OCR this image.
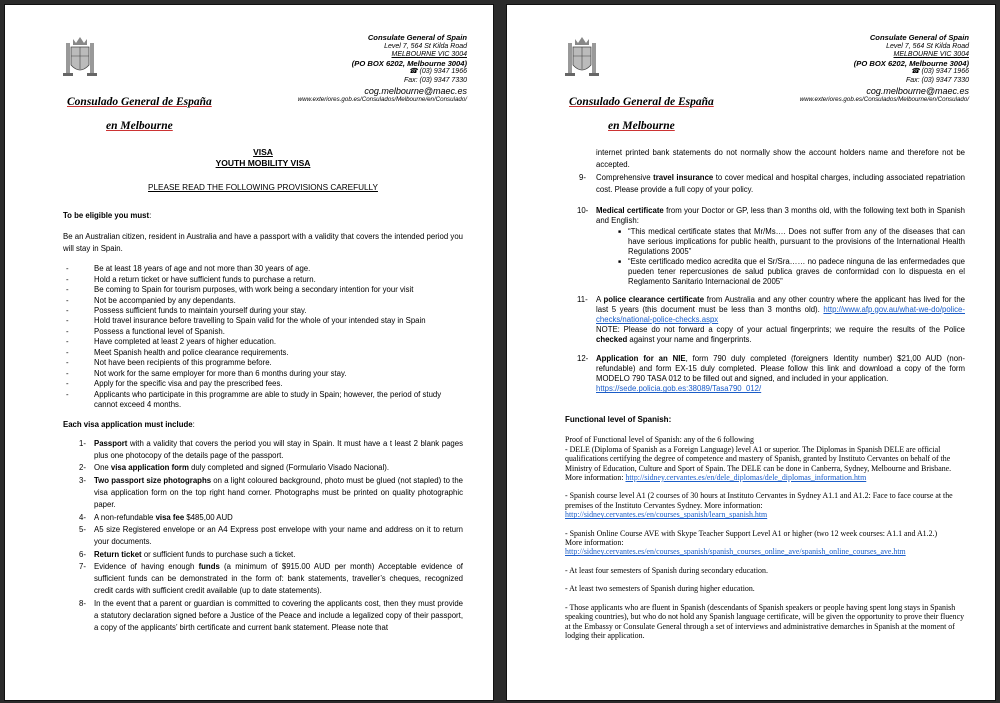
Consulado General de España
en Melbourne
Consulate General of Spain
Level 7, 564 St Kilda Road
MELBOURNE VIC 3004
(PO BOX 6202, Melbourne 3004)
☎ (03) 9347 1966
Fax: (03) 9347 7330
cog.melbourne@maec.es
www.exteriores.gob.es/Consulados/Melbourne/en/Consulado/
VISA
YOUTH MOBILITY VISA
PLEASE READ THE FOLLOWING PROVISIONS CAREFULLY
To be eligible you must:
Be an Australian citizen, resident in Australia and have a passport with a validity that covers the intended period you will stay in Spain.
- Be at least 18 years of age and not more than 30 years of age.
- Hold a return ticket or have sufficient funds to purchase a return.
- Be coming to Spain for tourism purposes, with work being a secondary intention for your visit
- Not be accompanied by any dependants.
- Possess sufficient funds to maintain yourself during your stay.
- Hold travel insurance before travelling to Spain valid for the whole of your intended stay in Spain
- Possess a functional level of Spanish.
- Have completed at least 2 years of higher education.
- Meet Spanish health and police clearance requirements.
- Not have been recipients of this programme before.
- Not work for the same employer for more than 6 months during your stay.
- Apply for the specific visa and pay the prescribed fees.
- Applicants who participate in this programme are able to study in Spain; however, the period of study cannot exceed 4 months.
Each visa application must include:
1- Passport with a validity that covers the period you will stay in Spain. It must have a t least 2 blank pages plus one photocopy of the details page of the passport.
2- One visa application form duly completed and signed (Formulario Visado Nacional).
3- Two passport size photographs on a light coloured background, photo must be glued (not stapled) to the visa application form on the top right hand corner. Photographs must be printed on quality photographic paper.
4- A non-refundable visa fee $485,00 AUD
5- A5 size Registered envelope or an A4 Express post envelope with your name and address on it to return your documents.
6- Return ticket or sufficient funds to purchase such a ticket.
7- Evidence of having enough funds (a minimum of $915.00 AUD per month) Acceptable evidence of sufficient funds can be demonstrated in the form of: bank statements, traveller’s cheques, recognized credit cards with sufficient credit available (up to date statements).
8- In the event that a parent or guardian is committed to covering the applicants cost, then they must provide a statutory declaration signed before a Justice of the Peace and include a legalized copy of their passport, a copy of the applicants’ birth certificate and current bank statement. Please note that
Consulado General de España
en Melbourne
Consulate General of Spain
Level 7, 564 St Kilda Road
MELBOURNE VIC 3004
(PO BOX 6202, Melbourne 3004)
☎ (03) 9347 1966
Fax: (03) 9347 7330
cog.melbourne@maec.es
www.exteriores.gob.es/Consulados/Melbourne/en/Consulado/
internet printed bank statements do not normally show the account holders name and therefore not be accepted.
9- Comprehensive travel insurance to cover medical and hospital charges, including associated repatriation cost. Please provide a full copy of your policy.
10- Medical certificate from your Doctor or GP, less than 3 months old, with the following text both in Spanish and English:
■ “This medical certificate states that Mr/Ms…. Does not suffer from any of the diseases that can have serious implications for public health, pursuant to the provisions of the International Health Regulations 2005”
■ “Este certificado medico acredita que el Sr/Sra…… no padece ninguna de las enfermedades que pueden tener repercusiones de salud publica graves de conformidad con lo dispuesta en el Reglamento Sanitario Internacional de 2005”
11- A police clearance certificate from Australia and any other country where the applicant has lived for the last 5 years (this document must be less than 3 months old). http://www.afp.gov.au/what-we-do/police-checks/national-police-checks.aspx
NOTE: Please do not forward a copy of your actual fingerprints; we require the results of the Police checked against your name and fingerprints.
12- Application for an NIE, form 790 duly completed (foreigners Identity number) $21,00 AUD (non-refundable) and form EX-15 duly completed. Please follow this link and download a copy of the form MODELO 790 TASA 012 to be filled out and signed, and included in your application.
https://sede.policia.gob.es:38089/Tasa790_012/
Functional level of Spanish:
Proof of Functional level of Spanish: any of the 6 following
- DELE (Diploma of Spanish as a Foreign Language) level A1 or superior. The Diplomas in Spanish DELE are official qualifications certifying the degree of competence and mastery of Spanish, granted by Instituto Cervantes on behalf of the Ministry of Education, Culture and Sport of Spain. The DELE can be done in Canberra, Sydney, Melbourne and Brisbane.
More information: http://sidney.cervantes.es/en/dele_diplomas/dele_diplomas_information.htm
- Spanish course level A1 (2 courses of 30 hours at Instituto Cervantes in Sydney A1.1 and A1.2: Face to face course at the premises of the Instituto Cervantes Sydney. More information:
http://sidney.cervantes.es/en/courses_spanish/learn_spanish.htm
- Spanish Online Course AVE with Skype Teacher Support Level A1 or higher (two 12 week courses: A1.1 and A1.2.)
More information:
http://sidney.cervantes.es/en/courses_spanish/spanish_courses_online_ave/spanish_online_courses_ave.htm
- At least four semesters of Spanish during secondary education.
- At least two semesters of Spanish during higher education.
- Those applicants who are fluent in Spanish (descendants of Spanish speakers or people having spent long stays in Spanish speaking countries), but who do not hold any Spanish language certificate, will be given the opportunity to prove their fluency at the Embassy or Consulate General through a set of interviews and administrative demarches in Spanish at the moment of lodging their application.
